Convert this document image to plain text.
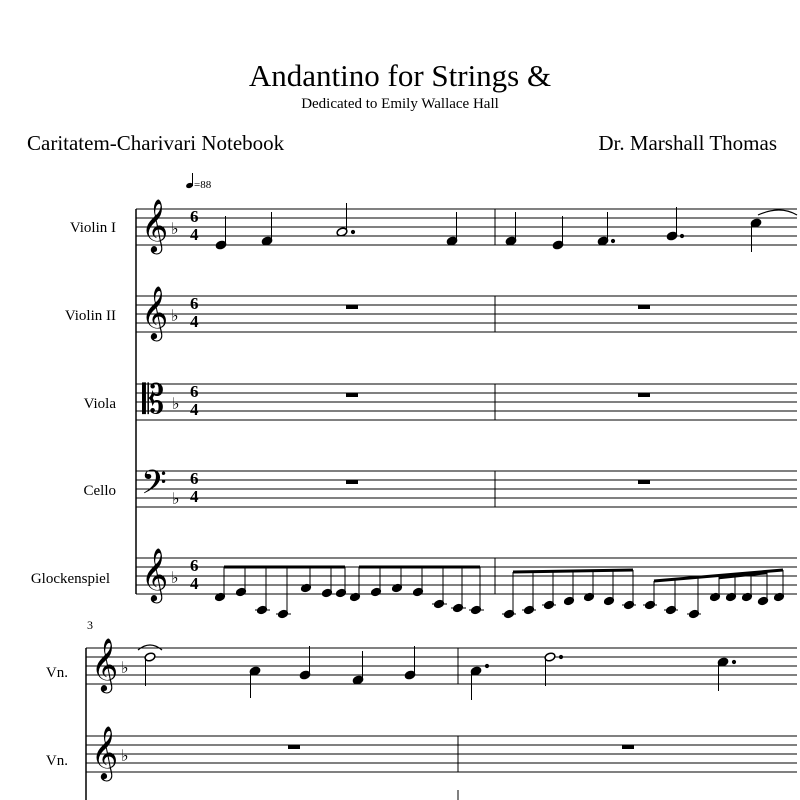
Andantino for Strings &
Dedicated to Emily Wallace Hall
Caritatem-Charivari Notebook	Dr. Marshall Thomas
=88
Violin I
Violin II
Viola
Cello
Glockenspiel
3
Vn.
Vn.
𝄞
𝄞
𝄡
𝄢
𝄞
♭
♭
♭
♭
♭
6
4
6
4
6
4
6
4
6
4
𝄞
𝄞
♭
♭
